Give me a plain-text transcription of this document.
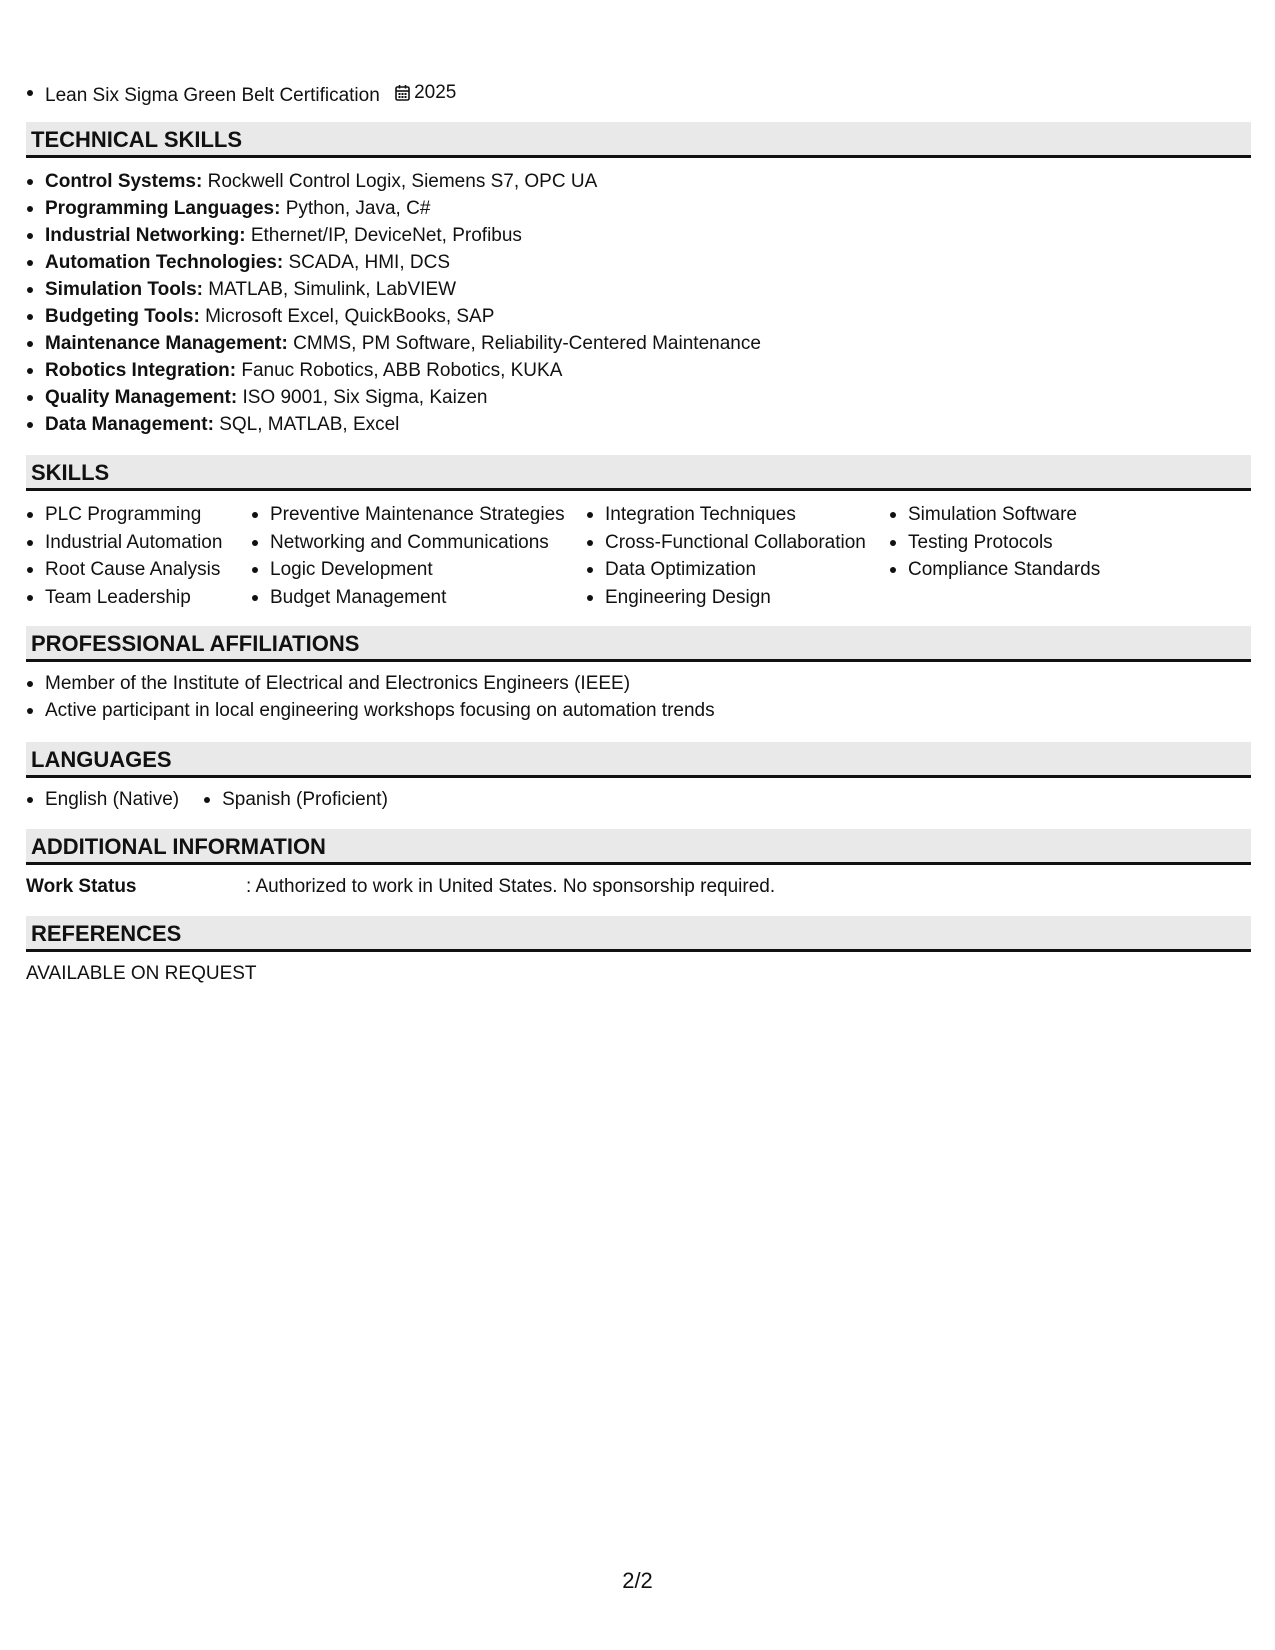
Lean Six Sigma Green Belt Certification 2025
TECHNICAL SKILLS
Control Systems: Rockwell Control Logix, Siemens S7, OPC UA
Programming Languages: Python, Java, C#
Industrial Networking: Ethernet/IP, DeviceNet, Profibus
Automation Technologies: SCADA, HMI, DCS
Simulation Tools: MATLAB, Simulink, LabVIEW
Budgeting Tools: Microsoft Excel, QuickBooks, SAP
Maintenance Management: CMMS, PM Software, Reliability-Centered Maintenance
Robotics Integration: Fanuc Robotics, ABB Robotics, KUKA
Quality Management: ISO 9001, Six Sigma, Kaizen
Data Management: SQL, MATLAB, Excel
SKILLS
PLC Programming
Industrial Automation
Root Cause Analysis
Team Leadership
Preventive Maintenance Strategies
Networking and Communications
Logic Development
Budget Management
Integration Techniques
Cross-Functional Collaboration
Data Optimization
Engineering Design
Simulation Software
Testing Protocols
Compliance Standards
PROFESSIONAL AFFILIATIONS
Member of the Institute of Electrical and Electronics Engineers (IEEE)
Active participant in local engineering workshops focusing on automation trends
LANGUAGES
English (Native)	Spanish (Proficient)
ADDITIONAL INFORMATION
Work Status	: Authorized to work in United States. No sponsorship required.
REFERENCES
AVAILABLE ON REQUEST
2/2
